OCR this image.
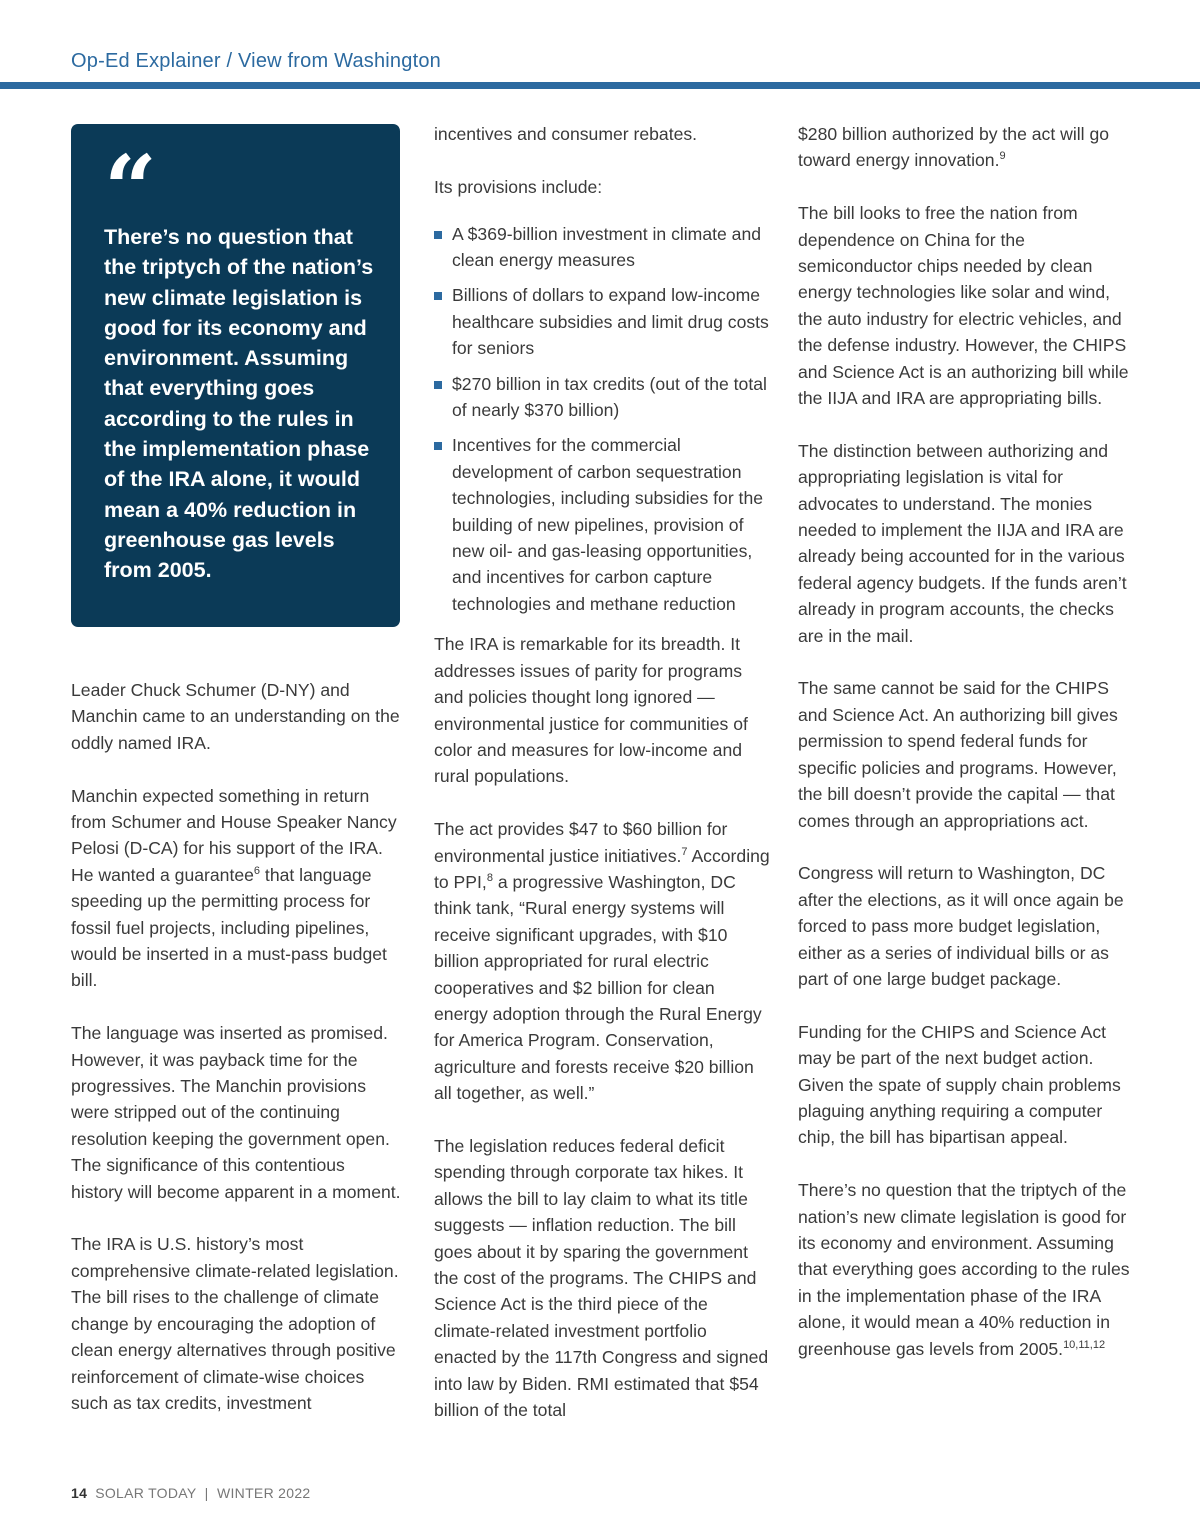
Op-Ed Explainer / View from Washington
“
There’s no question that the triptych of the nation’s new climate legislation is good for its economy and environment. Assuming that everything goes according to the rules in the implementation phase of the IRA alone, it would mean a 40% reduction in greenhouse gas levels from 2005.

Leader Chuck Schumer (D-NY) and Manchin came to an understanding on the oddly named IRA.

Manchin expected something in return from Schumer and House Speaker Nancy Pelosi (D-CA) for his support of the IRA. He wanted a guarantee$^6$ that language speeding up the permitting process for fossil fuel projects, including pipelines, would be inserted in a must-pass budget bill.

The language was inserted as promised. However, it was payback time for the progressives. The Manchin provisions were stripped out of the continuing resolution keeping the government open. The significance of this contentious history will become apparent in a moment.

The IRA is U.S. history’s most comprehensive climate-related legislation. The bill rises to the challenge of climate change by encouraging the adoption of clean energy alternatives through positive reinforcement of climate-wise choices such as tax credits, investment

incentives and consumer rebates.

Its provisions include:

A $369-billion investment in climate and clean energy measures
Billions of dollars to expand low-income healthcare subsidies and limit drug costs for seniors
$270 billion in tax credits (out of the total of nearly $370 billion)
Incentives for the commercial development of carbon sequestration technologies, including subsidies for the building of new pipelines, provision of new oil- and gas-leasing opportunities, and incentives for carbon capture technologies and methane reduction

The IRA is remarkable for its breadth. It addresses issues of parity for programs and policies thought long ignored — environmental justice for communities of color and measures for low-income and rural populations.

The act provides $47 to $60 billion for environmental justice initiatives.$^7$ According to PPI,$^8$ a progressive Washington, DC think tank, “Rural energy systems will receive significant upgrades, with $10 billion appropriated for rural electric cooperatives and $2 billion for clean energy adoption through the Rural Energy for America Program. Conservation, agriculture and forests receive $20 billion all together, as well.”

The legislation reduces federal deficit spending through corporate tax hikes. It allows the bill to lay claim to what its title suggests — inflation reduction. The bill goes about it by sparing the government the cost of the programs. The CHIPS and Science Act is the third piece of the climate-related investment portfolio enacted by the 117th Congress and signed into law by Biden. RMI estimated that $54 billion of the total

$280 billion authorized by the act will go toward energy innovation.$^9$

The bill looks to free the nation from dependence on China for the semiconductor chips needed by clean energy technologies like solar and wind, the auto industry for electric vehicles, and the defense industry. However, the CHIPS and Science Act is an authorizing bill while the IIJA and IRA are appropriating bills.

The distinction between authorizing and appropriating legislation is vital for advocates to understand. The monies needed to implement the IIJA and IRA are already being accounted for in the various federal agency budgets. If the funds aren’t already in program accounts, the checks are in the mail.

The same cannot be said for the CHIPS and Science Act. An authorizing bill gives permission to spend federal funds for specific policies and programs. However, the bill doesn’t provide the capital — that comes through an appropriations act.

Congress will return to Washington, DC after the elections, as it will once again be forced to pass more budget legislation, either as a series of individual bills or as part of one large budget package.

Funding for the CHIPS and Science Act may be part of the next budget action. Given the spate of supply chain problems plaguing anything requiring a computer chip, the bill has bipartisan appeal.

There’s no question that the triptych of the nation’s new climate legislation is good for its economy and environment. Assuming that everything goes according to the rules in the implementation phase of the IRA alone, it would mean a 40% reduction in greenhouse gas levels from 2005.$^{10,11,12}$

14 SOLAR TODAY  |  WINTER 2022
